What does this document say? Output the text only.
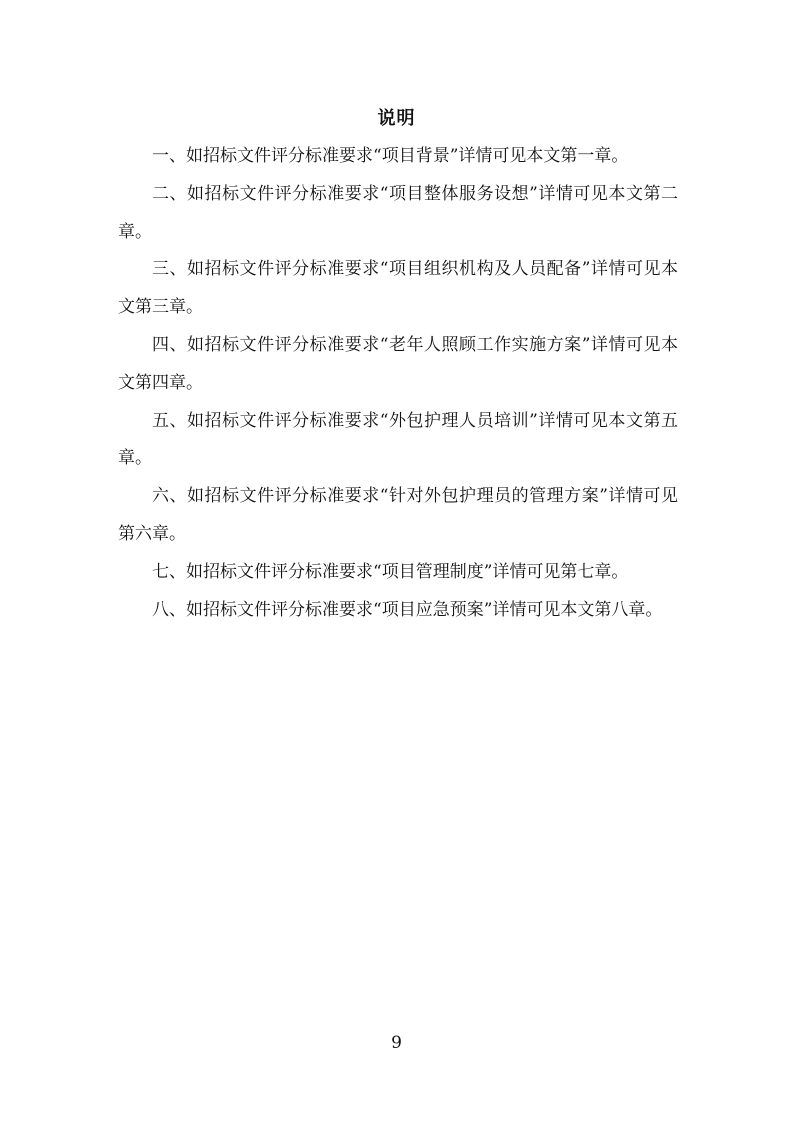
说明

一、如招标文件评分标准要求“项目背景”详情可见本文第一章。

二、如招标文件评分标准要求“项目整体服务设想”详情可见本文第二章。

三、如招标文件评分标准要求“项目组织机构及人员配备”详情可见本文第三章。

四、如招标文件评分标准要求“老年人照顾工作实施方案”详情可见本文第四章。

五、如招标文件评分标准要求“外包护理人员培训”详情可见本文第五章。

六、如招标文件评分标准要求“针对外包护理员的管理方案”详情可见第六章。

七、如招标文件评分标准要求“项目管理制度”详情可见第七章。

八、如招标文件评分标准要求“项目应急预案”详情可见本文第八章。

9
